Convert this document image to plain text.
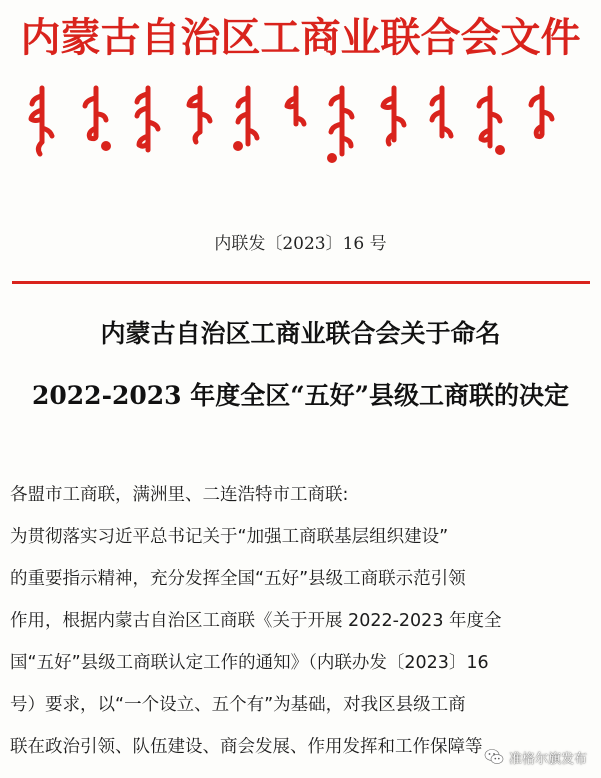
内蒙古自治区工商业联合会文件
内联发〔2023〕16 号
内蒙古自治区工商业联合会关于命名
2022-2023 年度全区“五好”县级工商联的决定
各盟市工商联，满洲里、二连浩特市工商联:
为贯彻落实习近平总书记关于“加强工商联基层组织建设”
的重要指示精神，充分发挥全国“五好”县级工商联示范引领
作用，根据内蒙古自治区工商联《关于开展 2022-2023 年度全
国“五好”县级工商联认定工作的通知》（内联办发〔2023〕16
号）要求，以“一个设立、五个有”为基础，对我区县级工商
联在政治引领、队伍建设、商会发展、作用发挥和工作保障等
准格尔旗发布
